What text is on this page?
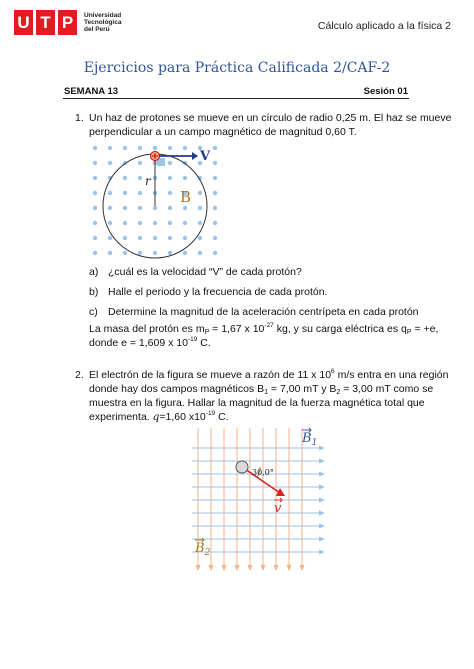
U T P	Universidad
Tecnológica
del Perú	Cálculo aplicado a la física 2
Ejercicios para Práctica Calificada 2/CAF-2
SEMANA 13	Sesión 01
1. Un haz de protones se mueve en un círculo de radio 0,25 m. El haz se mueve
perpendicular a un campo magnético de magnitud 0,60 T.
V
r
B
a) ¿cuál es la velocidad “V” de cada protón?
b) Halle el periodo y la frecuencia de cada protón.
c) Determine la magnitud de la aceleración centrípeta en cada protón
La masa del protón es $m_P = 1,67$ x $10^{-27}$ kg, y su carga eléctrica es $q_P = +e$,
donde e = 1,609 x $10^{-19}$ C.
2. El electrón de la figura se mueve a razón de 11 x $10^6$ m/s entra en una región
donde hay dos campos magnéticos $B_1 = 7,00$ mT y $B_2 = 3,00$ mT como se
muestra en la figura. Hallar la magnitud de la fuerza magnética total que
experimenta. q=1,60 $x10^{-19}$ C.
30,0°
$B_1$
$B_2$
v
